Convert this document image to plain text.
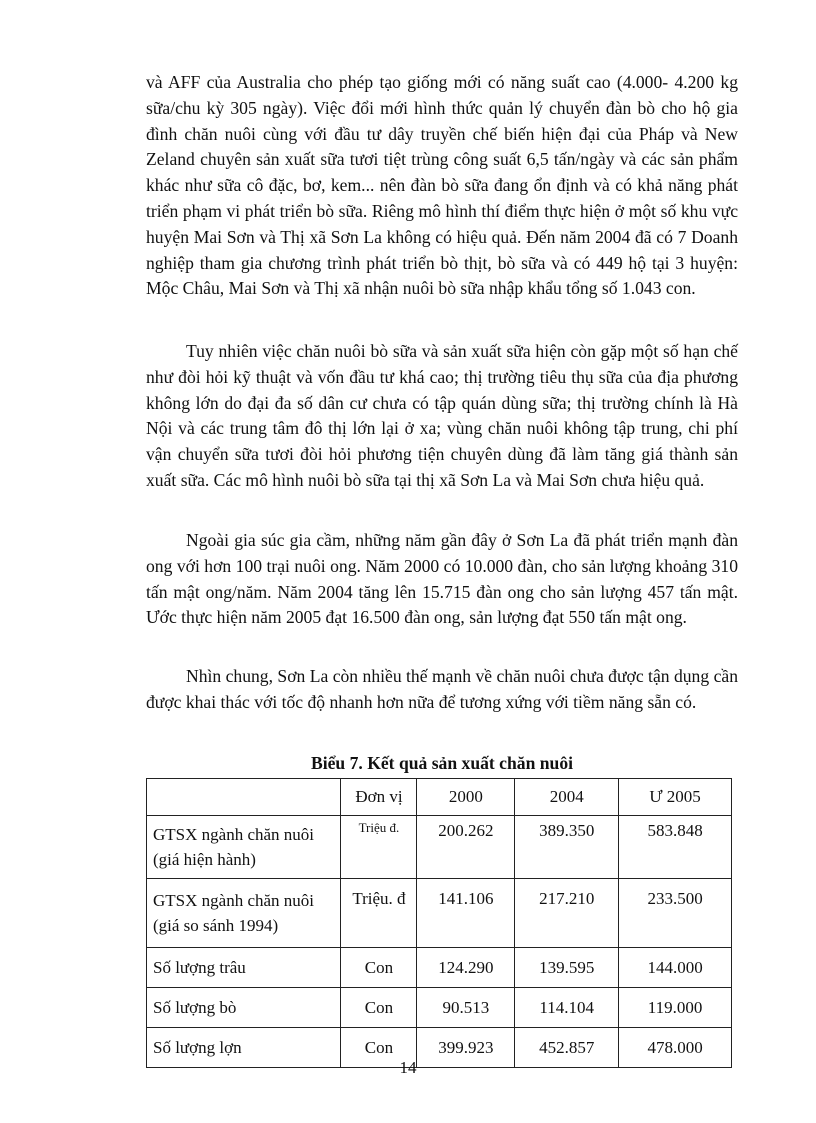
và AFF của Australia cho phép tạo giống mới có năng suất cao (4.000- 4.200 kg sữa/chu kỳ 305 ngày). Việc đổi mới hình thức quản lý chuyển đàn bò cho hộ gia đình chăn nuôi cùng với đầu tư dây truyền chế biến hiện đại của Pháp và New Zeland chuyên sản xuất sữa tươi tiệt trùng công suất 6,5 tấn/ngày và các sản phẩm khác như sữa cô đặc, bơ, kem... nên đàn bò sữa đang ổn định và có khả năng phát triển phạm vi phát triển bò sữa. Riêng mô hình thí điểm thực hiện ở một số khu vực huyện Mai Sơn và Thị xã Sơn La không có hiệu quả. Đến năm 2004 đã có 7 Doanh nghiệp tham gia chương trình phát triển bò thịt, bò sữa và có 449 hộ tại 3 huyện: Mộc Châu, Mai Sơn và Thị xã nhận nuôi bò sữa nhập khẩu tổng số 1.043 con.

Tuy nhiên việc chăn nuôi bò sữa và sản xuất sữa hiện còn gặp một số hạn chế như đòi hỏi kỹ thuật và vốn đầu tư khá cao; thị trường tiêu thụ sữa của địa phương không lớn do đại đa số dân cư chưa có tập quán dùng sữa; thị trường chính là Hà Nội và các trung tâm đô thị lớn lại ở xa; vùng chăn nuôi không tập trung, chi phí vận chuyển sữa tươi đòi hỏi phương tiện chuyên dùng đã làm tăng giá thành sản xuất sữa. Các mô hình nuôi bò sữa tại thị xã Sơn La và Mai Sơn chưa hiệu quả.

Ngoài gia súc gia cầm, những năm gần đây ở Sơn La đã phát triển mạnh đàn ong với hơn 100 trại nuôi ong. Năm 2000 có 10.000 đàn, cho sản lượng khoảng 310 tấn mật ong/năm. Năm 2004 tăng lên 15.715 đàn ong cho sản lượng 457 tấn mật. Ước thực hiện năm 2005 đạt 16.500 đàn ong, sản lượng đạt 550 tấn mật ong.

Nhìn chung, Sơn La còn nhiều thế mạnh về chăn nuôi chưa được tận dụng cần được khai thác với tốc độ nhanh hơn nữa để tương xứng với tiềm năng sẵn có.

Biểu 7. Kết quả sản xuất chăn nuôi
	Đơn vị	2000	2004	Ư 2005
GTSX ngành chăn nuôi (giá hiện hành)	Triệu đ.	200.262	389.350	583.848
GTSX ngành chăn nuôi (giá so sánh 1994)	Triệu. đ	141.106	217.210	233.500
Số lượng trâu	Con	124.290	139.595	144.000
Số lượng bò	Con	90.513	114.104	119.000
Số lượng lợn	Con	399.923	452.857	478.000
14
